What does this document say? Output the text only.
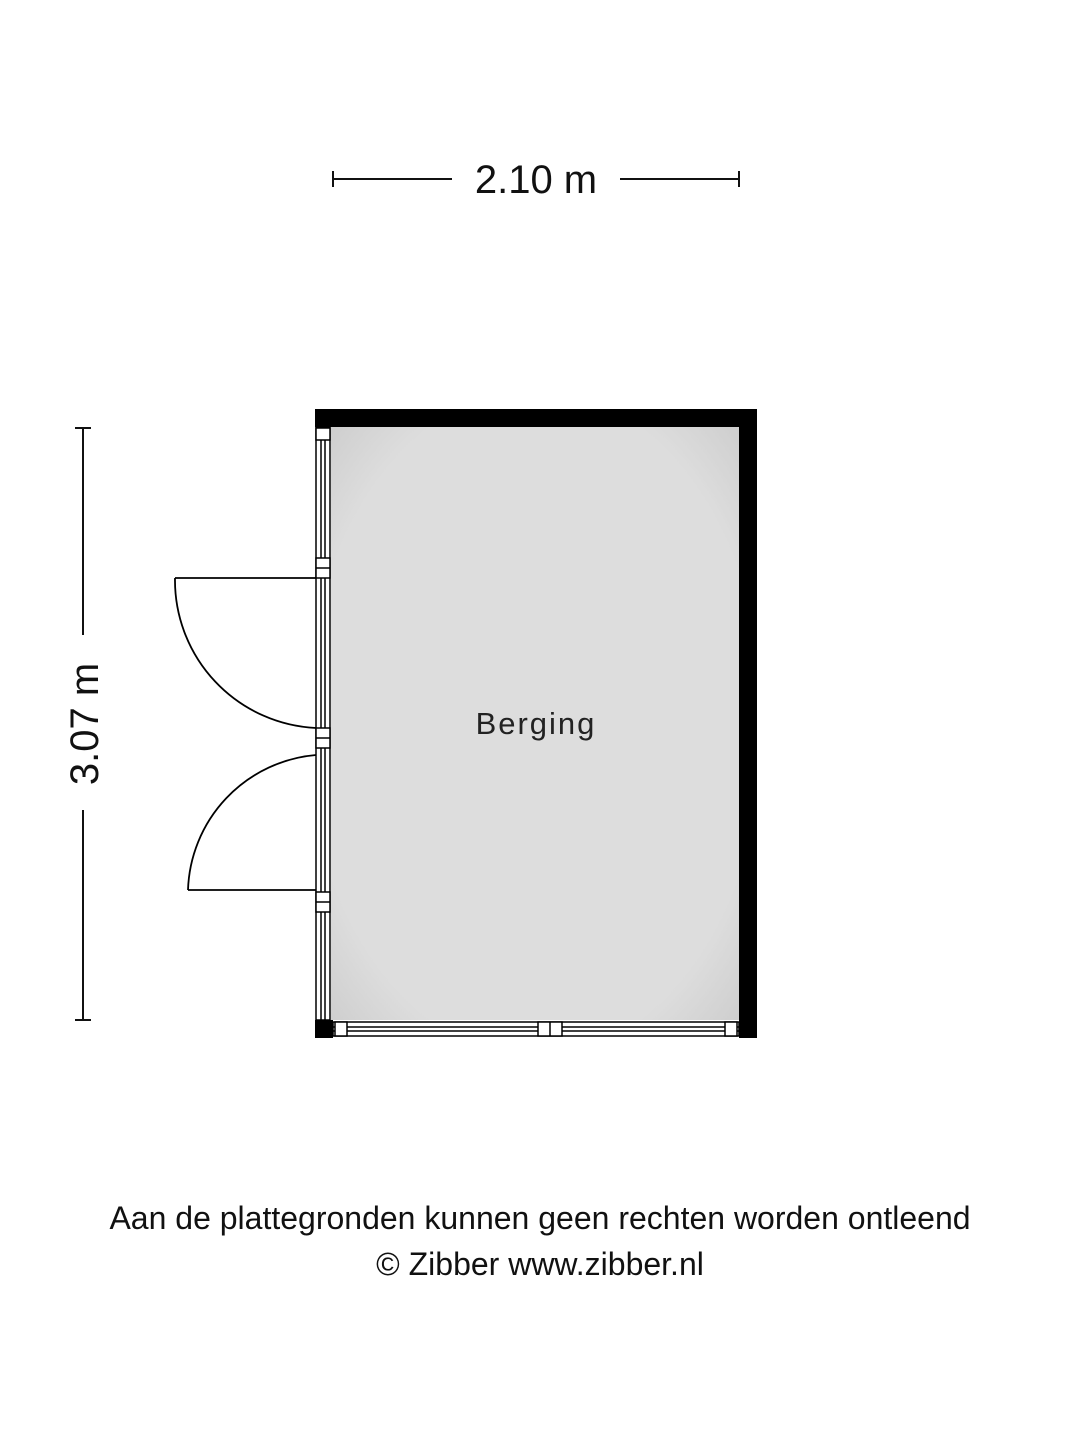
2.10 m
3.07 m	Berging
Aan de plattegronden kunnen geen rechten worden ontleend
© Zibber www.zibber.nl
